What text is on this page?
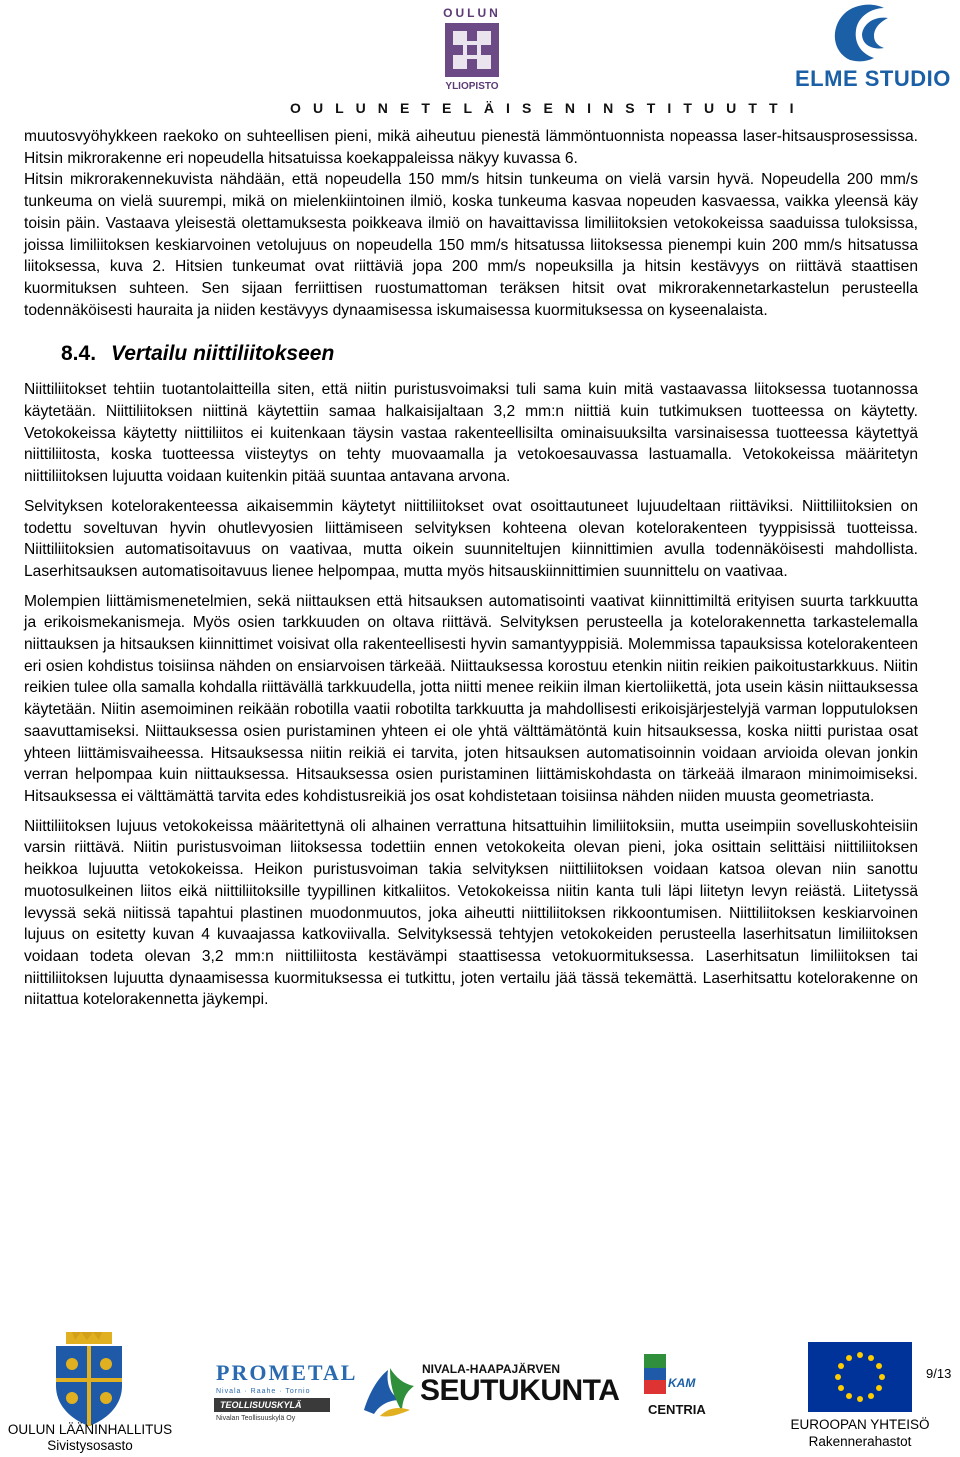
OULUN
YLIOPISTO
O U L U N E T E L Ä I S E N I N S T I T U U T T I
ELME STUDIO

muutosvyöhykkeen raekoko on suhteellisen pieni, mikä aiheutuu pienestä lämmöntuonnista nopeassa laser-hitsausprosessissa. Hitsin mikrorakenne eri nopeudella hitsatuissa koekappaleissa näkyy kuvassa 6.

Hitsin mikrorakennekuvista nähdään, että nopeudella 150 mm/s hitsin tunkeuma on vielä varsin hyvä. Nopeudella 200 mm/s tunkeuma on vielä suurempi, mikä on mielenkiintoinen ilmiö, koska tunkeuma kasvaa nopeuden kasvaessa, vaikka yleensä käy toisin päin. Vastaava yleisestä olettamuksesta poikkeava ilmiö on havaittavissa limiliitoksien vetokokeissa saaduissa tuloksissa, joissa limiliitoksen keskiarvoinen vetolujuus on nopeudella 150 mm/s hitsatussa liitoksessa pienempi kuin 200 mm/s hitsatussa liitoksessa, kuva 2. Hitsien tunkeumat ovat riittäviä jopa 200 mm/s nopeuksilla ja hitsin kestävyys on riittävä staattisen kuormituksen suhteen. Sen sijaan ferriittisen ruostumattoman teräksen hitsit ovat mikrorakennetarkastelun perusteella todennäköisesti hauraita ja niiden kestävyys dynaamisessa iskumaisessa kuormituksessa on kyseenalaista.

8.4. Vertailu niittiliitokseen

Niittiliitokset tehtiin tuotantolaitteilla siten, että niitin puristusvoimaksi tuli sama kuin mitä vastaavassa liitoksessa tuotannossa käytetään. Niittiliitoksen niittinä käytettiin samaa halkaisijaltaan 3,2 mm:n niittiä kuin tutkimuksen tuotteessa on käytetty. Vetokokeissa käytetty niittiliitos ei kuitenkaan täysin vastaa rakenteellisilta ominaisuuksilta varsinaisessa tuotteessa käytettyä niittiliitosta, koska tuotteessa viisteytys on tehty muovaamalla ja vetokoesauvassa lastuamalla. Vetokokeissa määritetyn niittiliitoksen lujuutta voidaan kuitenkin pitää suuntaa antavana arvona.

Selvityksen kotelorakenteessa aikaisemmin käytetyt niittiliitokset ovat osoittautuneet lujuudeltaan riittäviksi. Niittiliitoksien on todettu soveltuvan hyvin ohutlevyosien liittämiseen selvityksen kohteena olevan kotelorakenteen tyyppisissä tuotteissa. Niittiliitoksien automatisoitavuus on vaativaa, mutta oikein suunniteltujen kiinnittimien avulla todennäköisesti mahdollista. Laserhitsauksen automatisoitavuus lienee helpompaa, mutta myös hitsauskiinnittimien suunnittelu on vaativaa.

Molempien liittämismenetelmien, sekä niittauksen että hitsauksen automatisointi vaativat kiinnittimiltä erityisen suurta tarkkuutta ja erikoismekanismeja. Myös osien tarkkuuden on oltava riittävä. Selvityksen perusteella ja kotelorakennetta tarkastelemalla niittauksen ja hitsauksen kiinnittimet voisivat olla rakenteellisesti hyvin samantyyppisiä. Molemmissa tapauksissa kotelorakenteen eri osien kohdistus toisiinsa nähden on ensiarvoisen tärkeää. Niittauksessa korostuu etenkin niitin reikien paikoitustarkkuus. Niitin reikien tulee olla samalla kohdalla riittävällä tarkkuudella, jotta niitti menee reikiin ilman kiertoliikettä, jota usein käsin niittauksessa käytetään. Niitin asemoiminen reikään robotilla vaatii robotilta tarkkuutta ja mahdollisesti erikoisjärjestelyjä varman lopputuloksen saavuttamiseksi. Niittauksessa osien puristaminen yhteen ei ole yhtä välttämätöntä kuin hitsauksessa, koska niitti puristaa osat yhteen liittämisvaiheessa. Hitsauksessa niitin reikiä ei tarvita, joten hitsauksen automatisoinnin voidaan arvioida olevan jonkin verran helpompaa kuin niittauksessa. Hitsauksessa osien puristaminen liittämiskohdasta on tärkeää ilmaraon minimoimiseksi. Hitsauksessa ei välttämättä tarvita edes kohdistusreikiä jos osat kohdistetaan toisiinsa nähden niiden muusta geometriasta.

Niittiliitoksen lujuus vetokokeissa määritettynä oli alhainen verrattuna hitsattuihin limiliitoksiin, mutta useimpiin sovelluskohteisiin varsin riittävä. Niitin puristusvoiman liitoksessa todettiin ennen vetokokeita olevan pieni, joka osittain selittäisi niittiliitoksen heikkoa lujuutta vetokokeissa. Heikon puristusvoiman takia selvityksen niittiliitoksen voidaan katsoa olevan niin sanottu muotosulkeinen liitos eikä niittiliitoksille tyypillinen kitkaliitos. Vetokokeissa niitin kanta tuli läpi liitetyn levyn reiästä. Liitetyssä levyssä sekä niitissä tapahtui plastinen muodonmuutos, joka aiheutti niittiliitoksen rikkoontumisen. Niittiliitoksen keskiarvoinen lujuus on esitetty kuvan 4 kuvaajassa katkoviivalla. Selvityksessä tehtyjen vetokokeiden perusteella laserhitsatun limiliitoksen voidaan todeta olevan 3,2 mm:n niittiliitosta kestävämpi staattisessa vetokuormituksessa. Laserhitsatun limiliitoksen tai niittiliitoksen lujuutta dynaamisessa kuormituksessa ei tutkittu, joten vertailu jää tässä tekemättä. Laserhitsattu kotelorakenne on niitattua kotelorakennetta jäykempi.

OULUN LÄÄNINHALLITUS
Sivistysosasto
PROMETAL
Nivala · Raahe · Tornio
TEOLLISUUSKYLÄ
Nivalan Teollisuuskylä Oy
NIVALA-HAAPAJÄRVEN
SEUTUKUNTA	KAM
CENTRIA
9/13
EUROOPAN YHTEISÖ
Rakennerahastot
